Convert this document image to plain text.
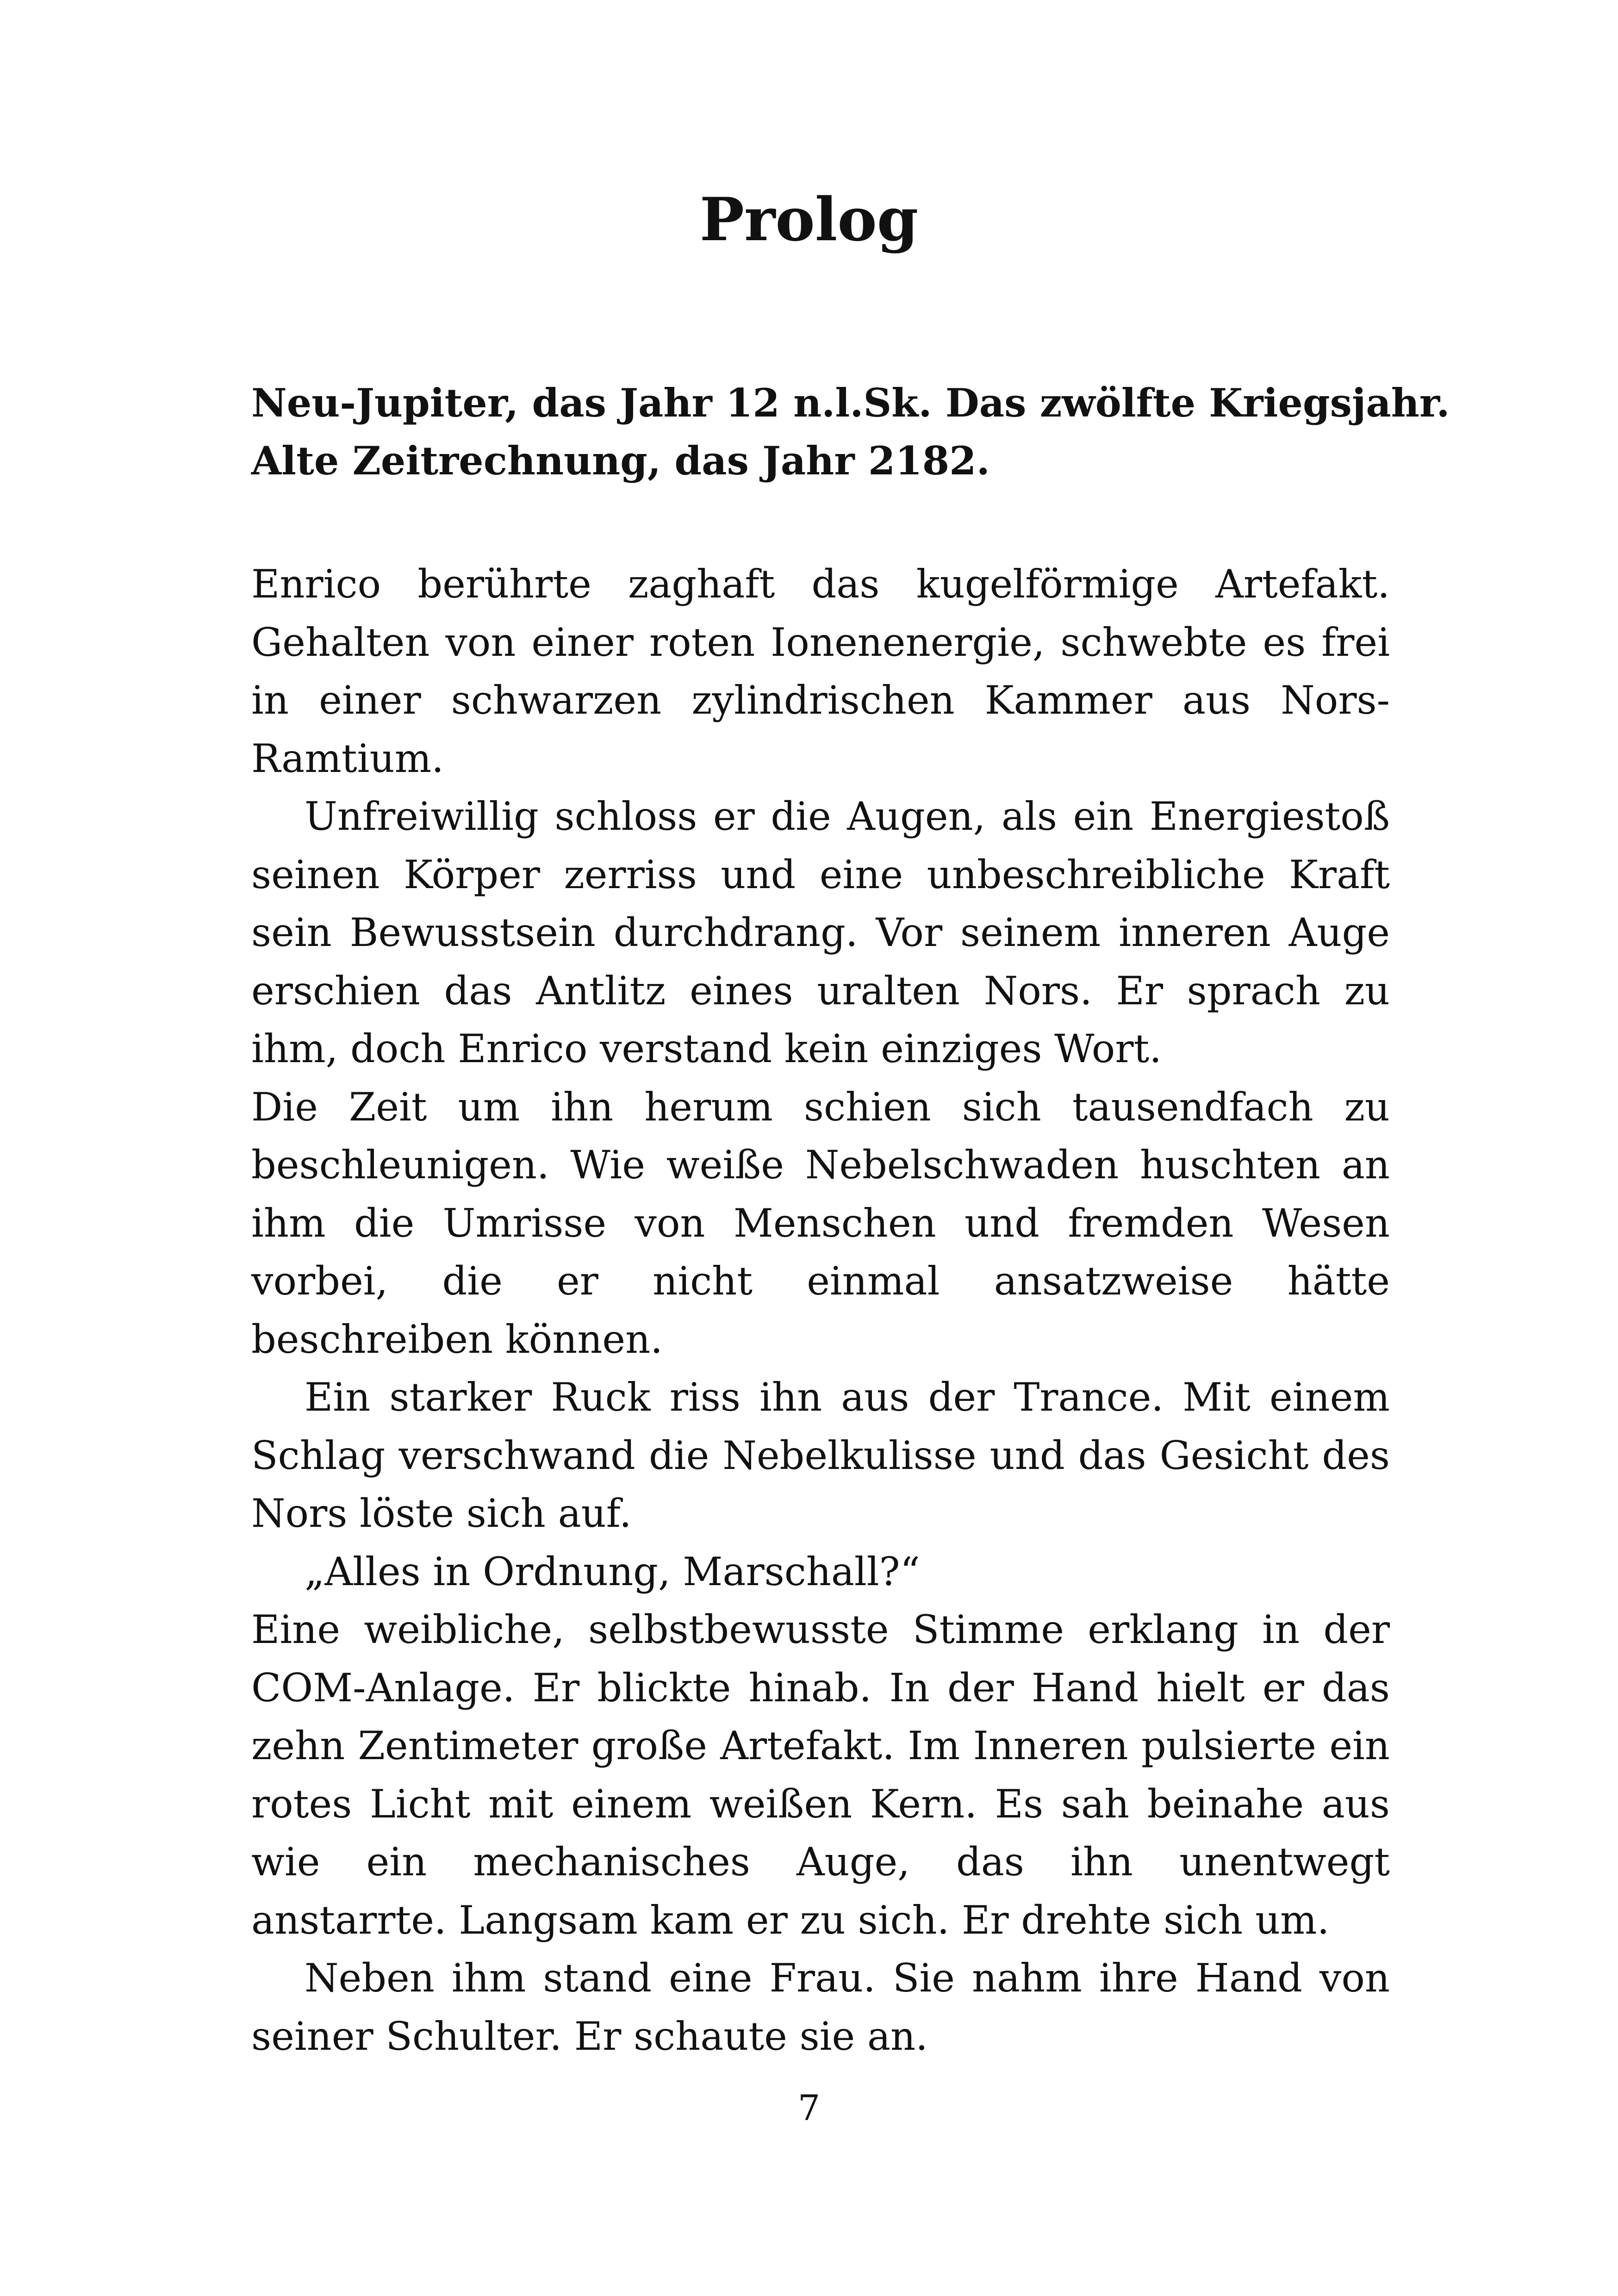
Prolog
Neu-Jupiter, das Jahr 12 n.l.Sk. Das zwölfte Kriegsjahr.
Alte Zeitrechnung, das Jahr 2182.

Enrico berührte zaghaft das kugelförmige Artefakt. Gehalten von einer roten Ionenenergie, schwebte es frei in einer schwarzen zylindrischen Kammer aus Nors-Ramtium.

Unfreiwillig schloss er die Augen, als ein Energiestoß seinen Körper zerriss und eine unbeschreibliche Kraft sein Bewusstsein durchdrang. Vor seinem inneren Auge erschien das Antlitz eines uralten Nors. Er sprach zu ihm, doch Enrico verstand kein einziges Wort.

Die Zeit um ihn herum schien sich tausendfach zu beschleunigen. Wie weiße Nebelschwaden huschten an ihm die Umrisse von Menschen und fremden Wesen vorbei, die er nicht einmal ansatzweise hätte beschreiben können.

Ein starker Ruck riss ihn aus der Trance. Mit einem Schlag verschwand die Nebelkulisse und das Gesicht des Nors löste sich auf.

„Alles in Ordnung, Marschall?“

Eine weibliche, selbstbewusste Stimme erklang in der COM-Anlage. Er blickte hinab. In der Hand hielt er das zehn Zentimeter große Artefakt. Im Inneren pulsierte ein rotes Licht mit einem weißen Kern. Es sah beinahe aus wie ein mechanisches Auge, das ihn unentwegt anstarrte. Langsam kam er zu sich. Er drehte sich um.

Neben ihm stand eine Frau. Sie nahm ihre Hand von seiner Schulter. Er schaute sie an.

7
